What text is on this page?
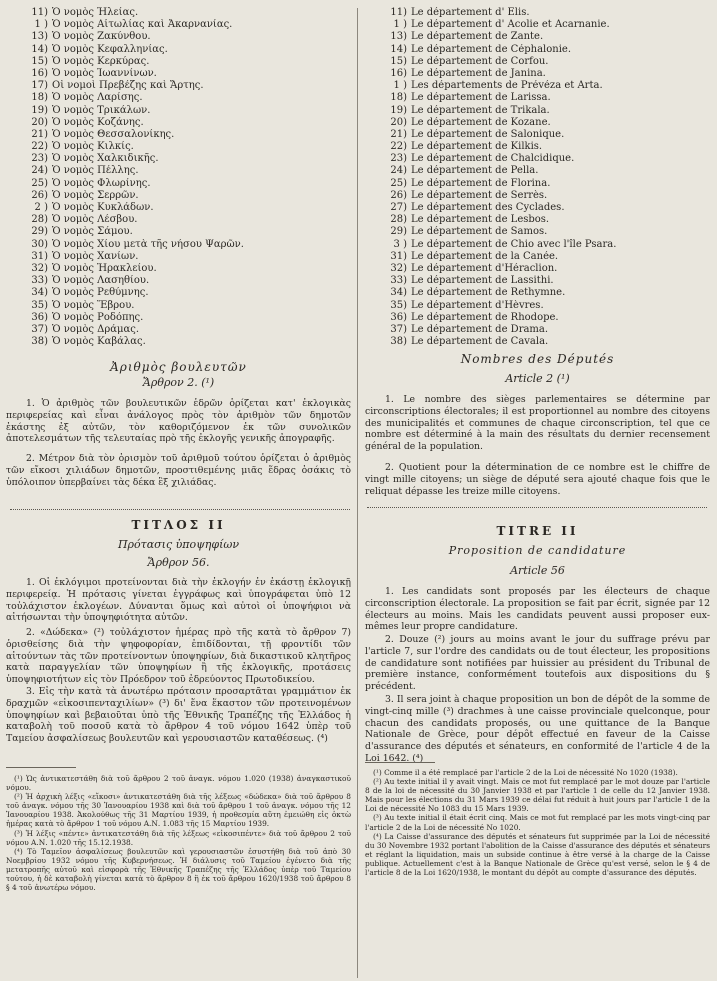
11) Ὁ νομὸς Ἠλείας.
1 ) Ὁ νομὸς Αἰτωλίας καὶ Ἀκαρνανίας.
13) Ὁ νομὸς Ζακύνθου.
14) Ὁ νομὸς Κεφαλληνίας.
15) Ὁ νομὸς Κερκύρας.
16) Ὁ νομὸς Ἰωαννίνων.
17) Οἱ νομοὶ Πρεβέζης καὶ Ἄρτης.
18) Ὁ νομὸς Λαρίσης.
19) Ὁ νομὸς Τρικάλων.
20) Ὁ νομὸς Κοζάνης.
21) Ὁ νομὸς Θεσσαλονίκης.
22) Ὁ νομὸς Κιλκίς.
23) Ὁ νομὸς Χαλκιδικῆς.
24) Ὁ νομὸς Πέλλης.
25) Ὁ νομὸς Φλωρίνης.
26) Ὁ νομὸς Σερρῶν.
2 ) Ὁ νομὸς Κυκλάδων.
28) Ὁ νομὸς Λέσβου.
29) Ὁ νομὸς Σάμου.
30) Ὁ νομὸς Χίου μετὰ τῆς νήσου Ψαρῶν.
31) Ὁ νομὸς Χανίων.
32) Ὁ νομὸς Ἡρακλείου.
33) Ὁ νομὸς Λασηθίου.
34) Ὁ νομὸς Ρεθύμνης.
35) Ὁ νομὸς Ἕβρου.
36) Ὁ νομὸς Ροδόπης.
37) Ὁ νομὸς Δράμας.
38) Ὁ νομὸς Καβάλας.
Ἀριθμὸς βουλευτῶν
Ἄρθρον 2. (¹)

1. Ὁ ἀριθμὸς τῶν βουλευτικῶν ἑδρῶν ὁρίζεται κατ' ἐκλογικὰς περιφερείας καὶ εἶναι ἀνάλογος πρὸς τὸν ἀριθμὸν τῶν δημοτῶν ἑκάστης ἐξ αὐτῶν, τὸν καθοριζόμενον ἐκ τῶν συνολικῶν ἀποτελεσμάτων τῆς τελευταίας πρὸ τῆς ἐκλογῆς γενικῆς ἀπογραφῆς.

2. Μέτρον διὰ τὸν ὁρισμὸν τοῦ ἀριθμοῦ τούτου ὁρίζεται ὁ ἀριθμὸς τῶν εἴκοσι χιλιάδων δημοτῶν, προστιθεμένης μιᾶς ἕδρας ὁσάκις τὸ ὑπόλοιπον ὑπερβαίνει τὰς δέκα ἓξ χιλιάδας.

ΤΙΤΛΟΣ ΙΙ
Πρότασις ὑποψηφίων
Ἄρθρον 56.

1. Οἱ ἐκλόγιμοι προτείνονται διὰ τὴν ἐκλογήν ἐν ἑκάστῃ ἐκλογικῇ περιφερείᾳ. Ἡ πρότασις γίνεται ἐγγράφως καὶ ὑπογράφεται ὑπὸ 12 τοὐλάχιστον ἐκλογέων. Δύνανται ὅμως καὶ αὐτοὶ οἱ ὑποψήφιοι νὰ αἰτήσωνται τὴν ὑποψηφιότητα αὐτῶν.

2. «Δώδεκα» (²) τοὐλάχιστον ἡμέρας πρὸ τῆς κατὰ τὸ ἄρθρον 7) ὁρισθείσης διὰ τὴν ψηφοφορίαν, ἐπιδίδονται, τῇ φροντίδι τῶν αἰτούντων τὰς τῶν προτείνοντων ὑποψηφίων, διὰ δικαστικοῦ κλητῆρος κατὰ παραγγελίαν τῶν ὑποψηφίων ἢ τῆς ἐκλογικῆς, προτάσεις ὑποψηφιοτήτων εἰς τὸν Πρόεδρον τοῦ ἐδρεύοντος Πρωτοδικείου.

3. Εἰς τὴν κατὰ τὰ ἀνωτέρω πρότασιν προσαρτᾶται γραμμάτιον ἐκ δραχμῶν «εἰκοσιπενταχιλίων» (³) δι' ἕνα ἕκαστον τῶν προτεινομένων ὑποψηφίων καὶ βεβαιοῦται ὑπὸ τῆς Ἐθνικῆς Τραπέζης τῆς Ἑλλάδος ἡ καταβολὴ τοῦ ποσοῦ κατὰ τὸ ἄρθρον 4 τοῦ νόμου 1642 ὑπὲρ τοῦ Ταμείου ἀσφαλίσεως βουλευτῶν καὶ γερουσιαστῶν καταθέσεως. (⁴)

(¹) Ὡς ἀντικατεστάθη διὰ τοῦ ἄρθρου 2 τοῦ ἀναγκ. νόμου 1.020 (1938) ἀναγκαστικοῦ νόμου.

(²) Ἡ ἀρχικὴ λέξις «εἴκοσι» ἀντικατεστάθη διὰ τῆς λέξεως «δώδεκα» διὰ τοῦ ἄρθρου 8 τοῦ ἀναγκ. νόμου τῆς 30 Ἰανουαρίου 1938 καὶ διὰ τοῦ ἄρθρου 1 τοῦ ἀναγκ. νόμου τῆς 12 Ἰανουαρίου 1938. Ἀκολούθως τῆς 31 Μαρτίου 1939, ἡ προθεσμία αὕτη ἐμειώθη εἰς ὀκτὼ ἡμέρας κατὰ τὸ ἄρθρον 1 τοῦ νόμου Α.Ν. 1.083 τῆς 15 Μαρτίου 1939.

(³) Ἡ λέξις «πέντε» ἀντικατεστάθη διὰ τῆς λέξεως «εἰκοσιπέντε» διὰ τοῦ ἄρθρου 2 τοῦ νόμου Α.Ν. 1.020 τῆς 15.12.1938.

(⁴) Τὸ Ταμεῖον ἀσφαλίσεως βουλευτῶν καὶ γερουσιαστῶν ἐσυστήθη διὰ τοῦ ἀπὸ 30 Νοεμβρίου 1932 νόμου τῆς Κυβερνήσεως. Ἡ διάλυσις τοῦ Ταμείου ἐγένετο διὰ τῆς μετατροπῆς αὐτοῦ καὶ εἰσφορὰ τῆς Ἐθνικῆς Τραπέζης τῆς Ἑλλάδος ὑπὲρ τοῦ Ταμείου τούτου, ἡ δὲ καταβολὴ γίνεται κατὰ τὸ ἄρθρον 8 ἢ ἐκ τοῦ ἄρθρου 1620/1938 τοῦ ἄρθρου 8 § 4 τοῦ ἀνωτέρω νόμου.

11) Le département d' Élis.
1 ) Le département d' Acolie et Acarnanie.
13) Le département de Zante.
14) Le département de Céphalonie.
15) Le département de Corfou.
16) Le département de Janina.
1 ) Les départements de Prévéza et Arta.
18) Le département de Larissa.
19) Le département de Trikala.
20) Le département de Kozane.
21) Le département de Salonique.
22) Le département de Kilkis.
23) Le département de Chalcidique.
24) Le département de Pella.
25) Le département de Florina.
26) Le département de Serrès.
27) Le département des Cyclades.
28) Le département de Lesbos.
29) Le département de Samos.
3 ) Le département de Chio avec l'île Psara.
31) Le département de la Canée.
32) Le département d'Héraclion.
33) Le département de Lassithi.
34) Le département de Rethymne.
35) Le département d'Hèvres.
36) Le département de Rhodope.
37) Le département de Drama.
38) Le département de Cavala.
Nombres des Députés
Article 2 (¹)

1. Le nombre des sièges parlementaires se détermine par circonscriptions électorales; il est proportionnel au nombre des citoyens des municipalités et communes de chaque circonscription, tel que ce nombre est déterminé à la main des résultats du dernier recensement général de la population.

2. Quotient pour la détermination de ce nombre est le chiffre de vingt mille citoyens; un siège de député sera ajouté chaque fois que le reliquat dépasse les treize mille citoyens.

TITRE II
Proposition de candidature
Article 56

1. Les candidats sont proposés par les électeurs de chaque circonscription électorale. La proposition se fait par écrit, signée par 12 électeurs au moins. Mais les candidats peuvent aussi proposer eux-mêmes leur propre candidature.

2. Douze (²) jours au moins avant le jour du suffrage prévu par l'article 7, sur l'ordre des candidats ou de tout électeur, les propositions de candidature sont notifiées par huissier au président du Tribunal de première instance, conformément toutefois aux dispositions du § précédent.

3. Il sera joint à chaque proposition un bon de dépôt de la somme de vingt-cinq mille (³) drachmes à une caisse provinciale quelconque, pour chacun des candidats proposés, ou une quittance de la Banque Nationale de Grèce, pour dépôt effectué en faveur de la Caisse d'assurance des députés et sénateurs, en conformité de l'article 4 de la Loi 1642. (⁴)

(¹) Comme il a été remplacé par l'article 2 de la Loi de nécessité No 1020 (1938).

(²) Au texte initial il y avait vingt. Mais ce mot fut remplacé par le mot douze par l'article 8 de la loi de nécessité du 30 Janvier 1938 et par l'article 1 de celle du 12 Janvier 1938. Mais pour les élections du 31 Mars 1939 ce délai fut réduit à huit jours par l'article 1 de la Loi de nécessité No 1083 du 15 Mars 1939.

(³) Au texte initial il était écrit cinq. Mais ce mot fut remplacé par les mots vingt-cinq par l'article 2 de la Loi de nécessité No 1020.

(⁴) La Caisse d'assurance des députés et sénateurs fut supprimée par la Loi de nécessité du 30 Novembre 1932 portant l'abolition de la Caisse d'assurance des députés et sénateurs et réglant la liquidation, mais un subside continue à être versé à la charge de la Caisse publique. Actuellement c'est à la Banque Nationale de Grèce qu'est versé, selon le § 4 de l'article 8 de la Loi 1620/1938, le montant du dépôt au compte d'assurance des députés.
